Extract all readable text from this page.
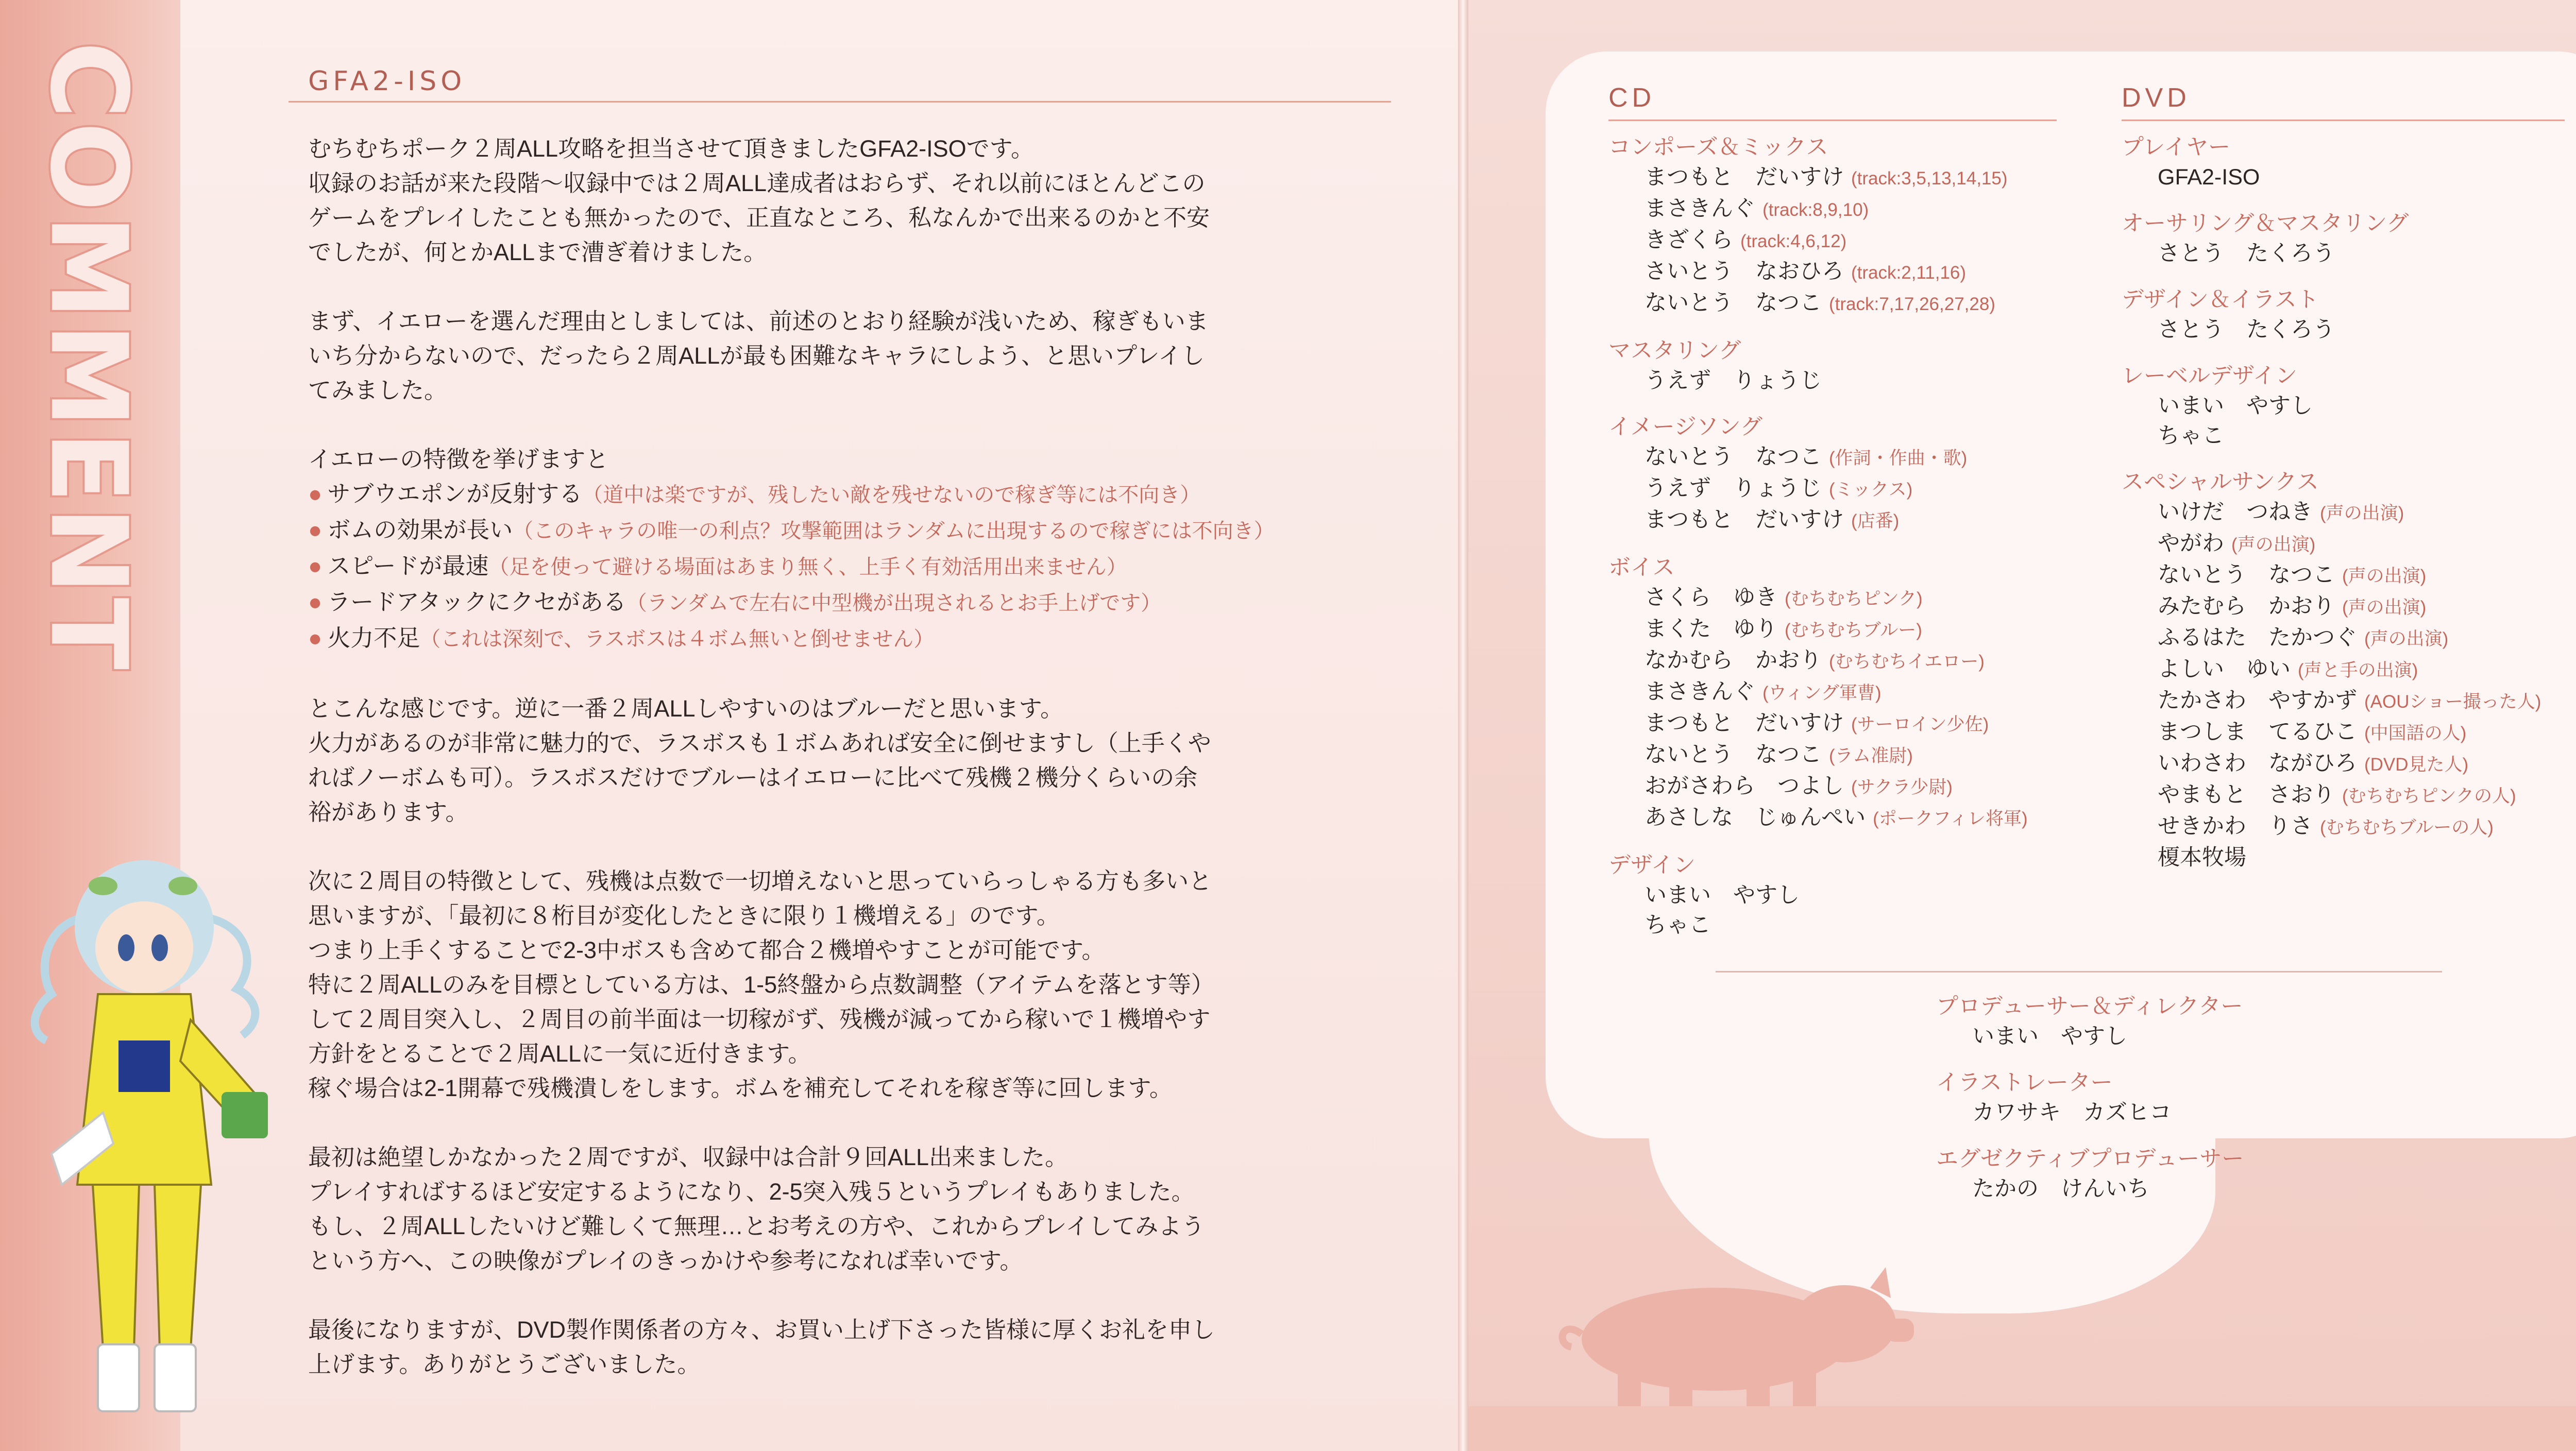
COMMENT	GFA2-ISO

むちむちポーク２周ALL攻略を担当させて頂きましたGFA2-ISOです。

収録のお話が来た段階～収録中では２周ALL達成者はおらず、それ以前にほとんどこの

ゲームをプレイしたことも無かったので、正直なところ、私なんかで出来るのかと不安

でしたが、何とかALLまで漕ぎ着けました。

まず、イエローを選んだ理由としましては、前述のとおり経験が浅いため、稼ぎもいま

いち分からないので、だったら２周ALLが最も困難なキャラにしよう、と思いプレイし

てみました。

イエローの特徴を挙げますと

● サブウエポンが反射する（道中は楽ですが、残したい敵を残せないので稼ぎ等には不向き）
● ボムの効果が長い（このキャラの唯一の利点？攻撃範囲はランダムに出現するので稼ぎには不向き）
● スピードが最速（足を使って避ける場面はあまり無く、上手く有効活用出来ません）
● ラードアタックにクセがある（ランダムで左右に中型機が出現されるとお手上げです）
● 火力不足（これは深刻で、ラスボスは４ボム無いと倒せません）

とこんな感じです。逆に一番２周ALLしやすいのはブルーだと思います。

火力があるのが非常に魅力的で、ラスボスも１ボムあれば安全に倒せますし（上手くや

ればノーボムも可）。ラスボスだけでブルーはイエローに比べて残機２機分くらいの余

裕があります。

次に２周目の特徴として、残機は点数で一切増えないと思っていらっしゃる方も多いと

思いますが、「最初に８桁目が変化したときに限り１機増える」のです。

つまり上手くすることで2-3中ボスも含めて都合２機増やすことが可能です。

特に２周ALLのみを目標としている方は、1-5終盤から点数調整（アイテムを落とす等）

して２周目突入し、２周目の前半面は一切稼がず、残機が減ってから稼いで１機増やす

方針をとることで２周ALLに一気に近付きます。

稼ぐ場合は2-1開幕で残機潰しをします。ボムを補充してそれを稼ぎ等に回します。

最初は絶望しかなかった２周ですが、収録中は合計９回ALL出来ました。

プレイすればするほど安定するようになり、2-5突入残５というプレイもありました。

もし、２周ALLしたいけど難しくて無理…とお考えの方や、これからプレイしてみよう

という方へ、この映像がプレイのきっかけや参考になれば幸いです。

最後になりますが、DVD製作関係者の方々、お買い上げ下さった皆様に厚くお礼を申し

上げます。ありがとうございました。

CD
コンポーズ＆ミックス
まつもと　だいすけ (track:3,5,13,14,15)
まさきんぐ (track:8,9,10)
きざくら (track:4,6,12)
さいとう　なおひろ (track:2,11,16)
ないとう　なつこ (track:7,17,26,27,28)
マスタリング
うえず　りょうじ
イメージソング
ないとう　なつこ (作詞・作曲・歌)
うえず　りょうじ (ミックス)
まつもと　だいすけ (店番)
ボイス
さくら　ゆき (むちむちピンク)
まくた　ゆり (むちむちブルー)
なかむら　かおり (むちむちイエロー)
まさきんぐ (ウィング軍曹)
まつもと　だいすけ (サーロイン少佐)
ないとう　なつこ (ラム准尉)
おがさわら　つよし (サクラ少尉)
あさしな　じゅんぺい (ポークフィレ将軍)
デザイン
いまい　やすし
ちゃこ
DVD
プレイヤー
GFA2-ISO
オーサリング＆マスタリング
さとう　たくろう
デザイン＆イラスト
さとう　たくろう
レーベルデザイン
いまい　やすし
ちゃこ
スペシャルサンクス
いけだ　つねき (声の出演)
やがわ (声の出演)
ないとう　なつこ (声の出演)
みたむら　かおり (声の出演)
ふるはた　たかつぐ (声の出演)
よしい　ゆい (声と手の出演)
たかさわ　やすかず (AOUショー撮った人)
まつしま　てるひこ (中国語の人)
いわさわ　ながひろ (DVD見た人)
やまもと　さおり (むちむちピンクの人)
せきかわ　りさ (むちむちブルーの人)
榎本牧場
プロデューサー＆ディレクター
いまい　やすし
イラストレーター
カワサキ　カズヒコ
エグゼクティブプロデューサー
たかの　けんいち
